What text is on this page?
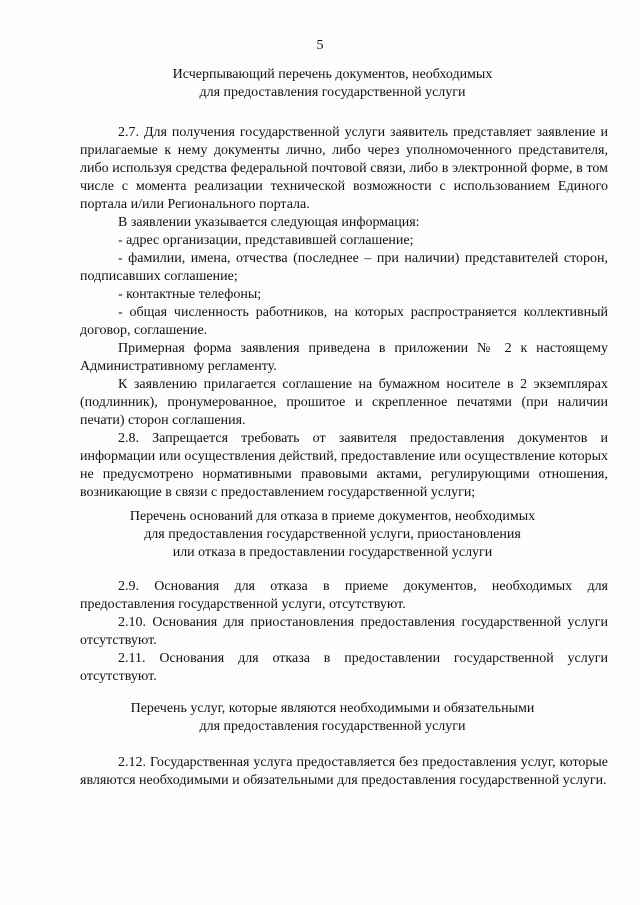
5
Исчерпывающий перечень документов, необходимых
для предоставления государственной услуги

2.7. Для получения государственной услуги заявитель представляет заявление и прилагаемые к нему документы лично, либо через уполномоченного представителя, либо используя средства федеральной почтовой связи, либо в электронной форме, в том числе с момента реализации технической возможности с использованием Единого портала и/или Регионального портала.

В заявлении указывается следующая информация:

- адрес организации, представившей соглашение;

- фамилии, имена, отчества (последнее – при наличии) представителей сторон, подписавших соглашение;

- контактные телефоны;

- общая численность работников, на которых распространяется коллективный договор, соглашение.

Примерная форма заявления приведена в приложении № 2 к настоящему Административному регламенту.

К заявлению прилагается соглашение на бумажном носителе в 2 экземплярах (подлинник), пронумерованное, прошитое и скрепленное печатями (при наличии печати) сторон соглашения.

2.8. Запрещается требовать от заявителя предоставления документов и информации или осуществления действий, предоставление или осуществление которых не предусмотрено нормативными правовыми актами, регулирующими отношения, возникающие в связи с предоставлением государственной услуги;

Перечень оснований для отказа в приеме документов, необходимых
для предоставления государственной услуги, приостановления
или отказа в предоставлении государственной услуги

2.9. Основания для отказа в приеме документов, необходимых для предоставления государственной услуги, отсутствуют.

2.10. Основания для приостановления предоставления государственной услуги отсутствуют.

2.11. Основания для отказа в предоставлении государственной услуги отсутствуют.

Перечень услуг, которые являются необходимыми и обязательными
для предоставления государственной услуги

2.12. Государственная услуга предоставляется без предоставления услуг, которые являются необходимыми и обязательными для предоставления государственной услуги.
